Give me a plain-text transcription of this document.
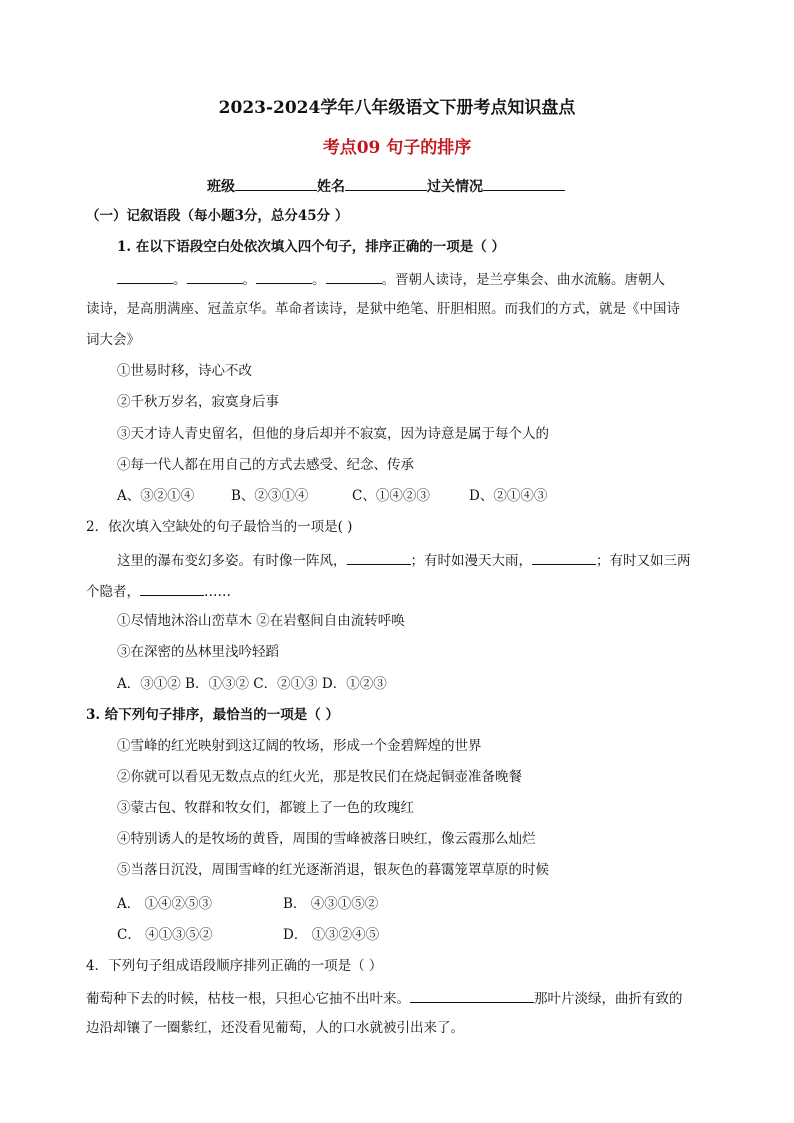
2023-2024学年八年级语文下册考点知识盘点
考点09 句子的排序
班级	姓名	过关情况
（一）记叙语段（每小题3分，总分45分 ）
1. 在以下语段空白处依次填入四个句子，排序正确的一项是（ ）
。	。	。	。晋朝人读诗，是兰亭集会、曲水流觞。唐朝人
读诗，是高朋满座、冠盖京华。革命者读诗，是狱中绝笔、肝胆相照。而我们的方式，就是《中国诗
词大会》
①世易时移，诗心不改
②千秋万岁名，寂寞身后事
③天才诗人青史留名，但他的身后却并不寂寞，因为诗意是属于每个人的
④每一代人都在用自己的方式去感受、纪念、传承
A、③②①④	B、②③①④	C、①④②③	D、②①④③
2．依次填入空缺处的句子最恰当的一项是( )
这里的瀑布变幻多姿。有时像一阵风，	；有时如漫天大雨，	；有时又如三两
个隐者，	……
①尽情地沐浴山峦草木 ②在岩壑间自由流转呼唤
③在深密的丛林里浅吟轻蹈
A．③①② B．①③② C．②①③ D．①②③
3. 给下列句子排序，最恰当的一项是（ ）
①雪峰的红光映射到这辽阔的牧场，形成一个金碧辉煌的世界
②你就可以看见无数点点的红火光，那是牧民们在烧起铜壶准备晚餐
③蒙古包、牧群和牧女们，都镀上了一色的玫瑰红
④特别诱人的是牧场的黄昏，周围的雪峰被落日映红，像云霞那么灿烂
⑤当落日沉没，周围雪峰的红光逐渐消退，银灰色的暮霭笼罩草原的时候
A． ①④②⑤③	B． ④③①⑤②
C． ④①③⑤②	D． ①③②④⑤
4．下列句子组成语段顺序排列正确的一项是（ ）
葡萄种下去的时候，枯枝一根，只担心它抽不出叶来。	那叶片淡绿，曲折有致的
边沿却镶了一圈紫红，还没看见葡萄，人的口水就被引出来了。
